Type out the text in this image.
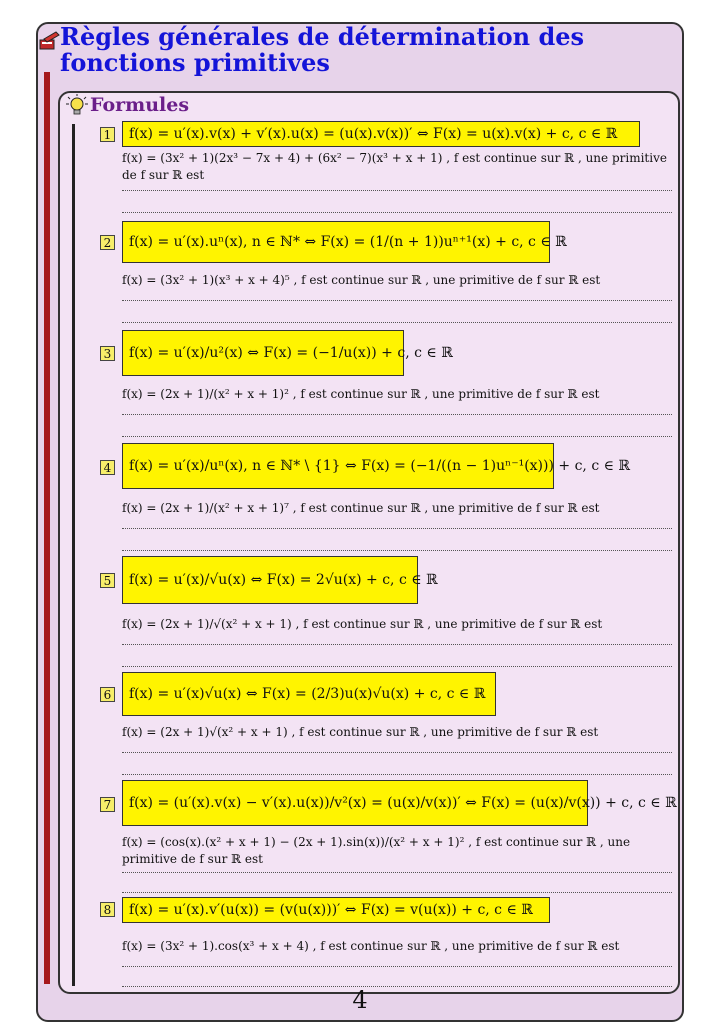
Règles générales de détermination des fonctions primitives
Formules
1	f(x) = u′(x).v(x) + v′(x).u(x) = (u(x).v(x))′ ⇔ F(x) = u(x).v(x) + c, c ∈ ℝ
f(x) = (3x² + 1)(2x³ − 7x + 4) + (6x² − 7)(x³ + x + 1) , f est continue sur ℝ , une primitive de f sur ℝ est
2	f(x) = u′(x).uⁿ(x), n ∈ ℕ* ⇔ F(x) = (1/(n + 1))uⁿ⁺¹(x) + c, c ∈ ℝ
f(x) = (3x² + 1)(x³ + x + 4)⁵ , f est continue sur ℝ , une primitive de f sur ℝ est
3	f(x) = u′(x)/u²(x) ⇔ F(x) = (−1/u(x)) + c, c ∈ ℝ
f(x) = (2x + 1)/(x² + x + 1)² , f est continue sur ℝ , une primitive de f sur ℝ est
4	f(x) = u′(x)/uⁿ(x), n ∈ ℕ* \ {1} ⇔ F(x) = (−1/((n − 1)uⁿ⁻¹(x))) + c, c ∈ ℝ
f(x) = (2x + 1)/(x² + x + 1)⁷ , f est continue sur ℝ , une primitive de f sur ℝ est
5	f(x) = u′(x)/√u(x) ⇔ F(x) = 2√u(x) + c, c ∈ ℝ
f(x) = (2x + 1)/√(x² + x + 1) , f est continue sur ℝ , une primitive de f sur ℝ est
6	f(x) = u′(x)√u(x) ⇔ F(x) = (2/3)u(x)√u(x) + c, c ∈ ℝ
f(x) = (2x + 1)√(x² + x + 1) , f est continue sur ℝ , une primitive de f sur ℝ est
7	f(x) = (u′(x).v(x) − v′(x).u(x))/v²(x) = (u(x)/v(x))′ ⇔ F(x) = (u(x)/v(x)) + c, c ∈ ℝ
f(x) = (cos(x).(x² + x + 1) − (2x + 1).sin(x))/(x² + x + 1)² , f est continue sur ℝ , une primitive de f sur ℝ est
8	f(x) = u′(x).v′(u(x)) = (v(u(x)))′ ⇔ F(x) = v(u(x)) + c, c ∈ ℝ
f(x) = (3x² + 1).cos(x³ + x + 4) , f est continue sur ℝ , une primitive de f sur ℝ est
4
